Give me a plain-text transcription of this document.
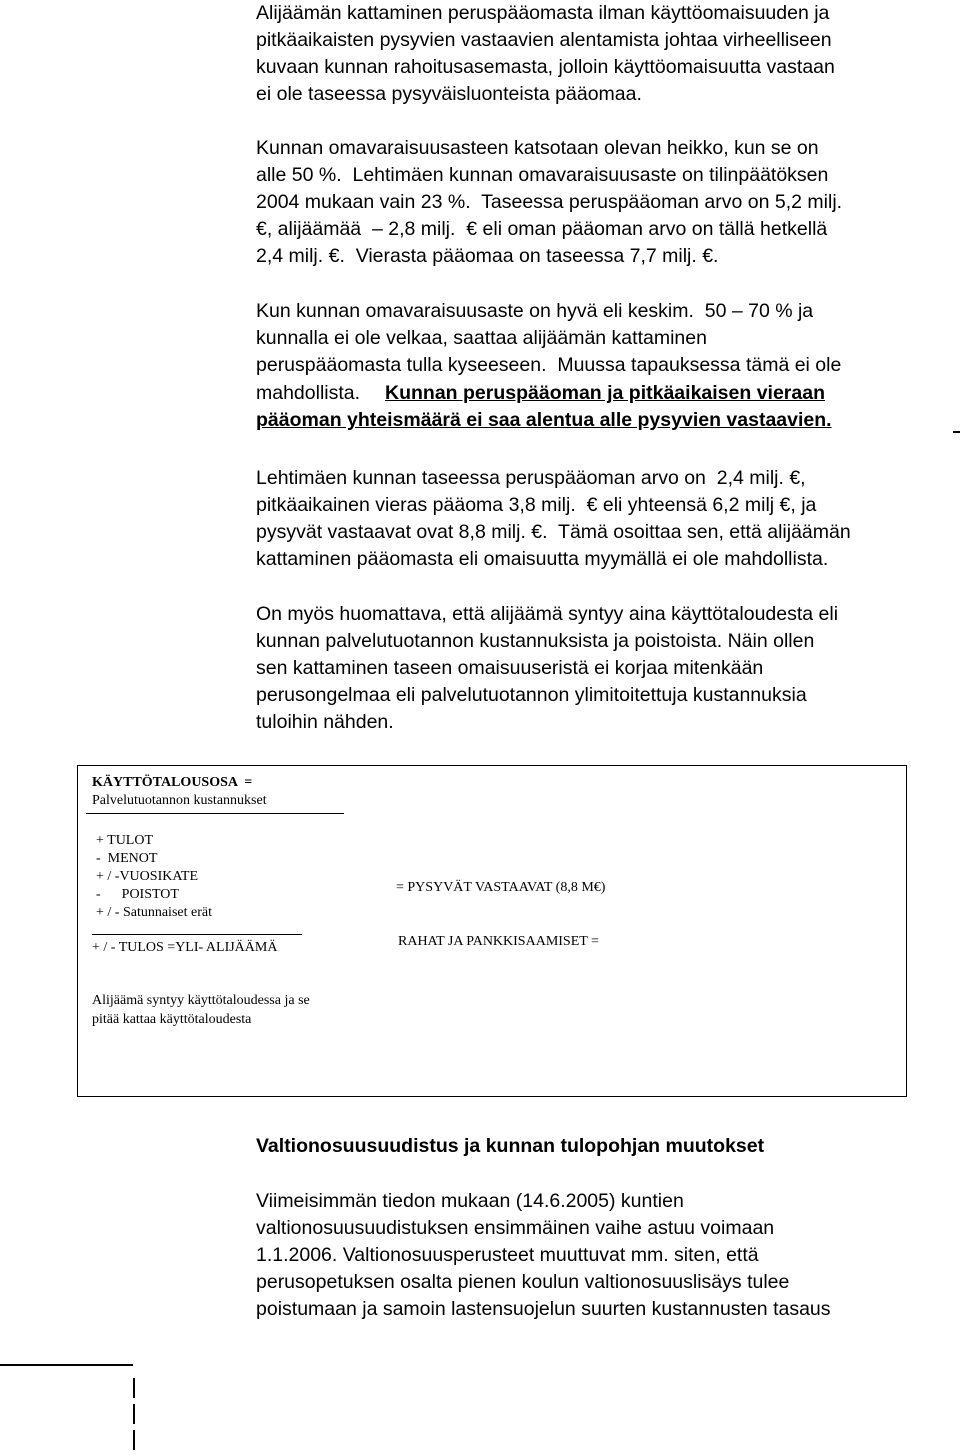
Alijäämän kattaminen peruspääomasta ilman käyttöomaisuuden ja
pitkäaikaisten pysyvien vastaavien alentamista johtaa virheelliseen
kuvaan kunnan rahoitusasemasta, jolloin käyttöomaisuutta vastaan
ei ole taseessa pysyväisluonteista pääomaa.
Kunnan omavaraisuusasteen katsotaan olevan heikko, kun se on
alle 50 %.  Lehtimäen kunnan omavaraisuusaste on tilinpäätöksen
2004 mukaan vain 23 %.  Taseessa peruspääoman arvo on 5,2 milj.
€, alijäämää  – 2,8 milj.  € eli oman pääoman arvo on tällä hetkellä
2,4 milj. €.  Vierasta pääomaa on taseessa 7,7 milj. €.
Kun kunnan omavaraisuusaste on hyvä eli keskim.  50 – 70 % ja
kunnalla ei ole velkaa, saattaa alijäämän kattaminen
peruspääomasta tulla kyseeseen.  Muussa tapauksessa tämä ei ole
mahdollista. Kunnan peruspääoman ja pitkäaikaisen vieraan
pääoman yhteismäärä ei saa alentua alle pysyvien vastaavien.
Lehtimäen kunnan taseessa peruspääoman arvo on  2,4 milj. €,
pitkäaikainen vieras pääoma 3,8 milj.  € eli yhteensä 6,2 milj €, ja
pysyvät vastaavat ovat 8,8 milj. €.  Tämä osoittaa sen, että alijäämän
kattaminen pääomasta eli omaisuutta myymällä ei ole mahdollista.
On myös huomattava, että alijäämä syntyy aina käyttötaloudesta eli
kunnan palvelutuotannon kustannuksista ja poistoista. Näin ollen
sen kattaminen taseen omaisuuseristä ei korjaa mitenkään
perusongelmaa eli palvelutuotannon ylimitoitettuja kustannuksia
tuloihin nähden.
KÄYTTÖTALOUSOSA  =
Palvelutuotannon kustannukset
+ TULOT
-  MENOT
+ / -VUOSIKATE
-      POISTOT
+ / - Satunnaiset erät
+ / - TULOS =YLI- ALIJÄÄMÄ
Alijäämä syntyy käyttötaloudessa ja se
pitää kattaa käyttötaloudesta
= PYSYVÄT VASTAAVAT (8,8 M€)
RAHAT JA PANKKISAAMISET =
Valtionosuusuudistus ja kunnan tulopohjan muutokset
Viimeisimmän tiedon mukaan (14.6.2005) kuntien
valtionosuusuudistuksen ensimmäinen vaihe astuu voimaan
1.1.2006. Valtionosuusperusteet muuttuvat mm. siten, että
perusopetuksen osalta pienen koulun valtionosuuslisäys tulee
poistumaan ja samoin lastensuojelun suurten kustannusten tasaus
